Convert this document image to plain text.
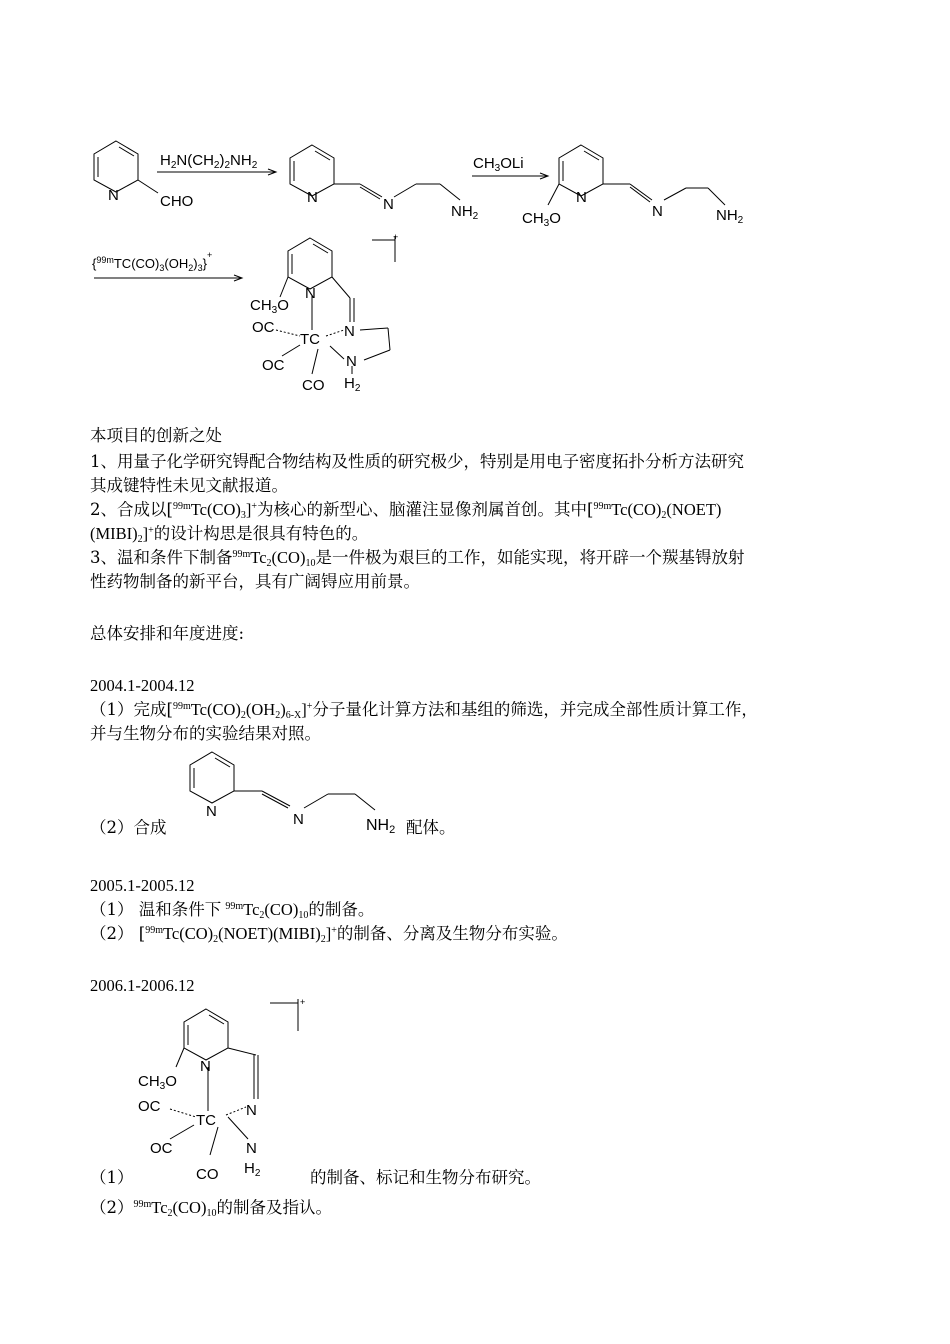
N	CHO
$H_2N(CH_2)_2NH_2$
N	N	$NH_2$
$CH_3OLi$
N
$CH_3O$	N	$NH_2$
$\{^{99m}TC(CO)_3(OH_2)_3\}^+$
N
$CH_3O$
OC	N
TC
OC	N
$H_2$
CO
+
本项目的创新之处
1、用量子化学研究锝配合物结构及性质的研究极少，特别是用电子密度拓扑分析方法研究
其成键特性未见文献报道。
2、合成以$[^{99m}Tc(CO)_3]^+$为核心的新型心、脑灌注显像剂属首创。其中[$^{99m}Tc(CO)_2(NOET)$
$(MIBI)_2]^+$的设计构思是很具有特色的。
3、温和条件下制备$^{99m}Tc_2(CO)_{10}$是一件极为艰巨的工作，如能实现，将开辟一个羰基锝放射
性药物制备的新平台，具有广阔锝应用前景。
总体安排和年度进度:
2004.1-2004.12
（1）完成$[^{99m}Tc(CO)_2(OH_2)_{6-X}]^+$分子量化计算方法和基组的筛选，并完成全部性质计算工作，
并与生物分布的实验结果对照。
N	N	NH2
（2）合成	配体。
2005.1-2005.12
（1） 温和条件下 $^{99m}Tc_2(CO)_{10}$的制备。
（2） $[^{99m}Tc(CO)_2(NOET)(MIBI)_2]^+$的制备、分离及生物分布实验。
2006.1-2006.12
N
$CH_3O$
OC	N
TC
OC	N
$H_2$
CO
+
（1）	的制备、标记和生物分布研究。
$(2)^{99m}Tc_2(CO)_{10}$的制备及指认。
